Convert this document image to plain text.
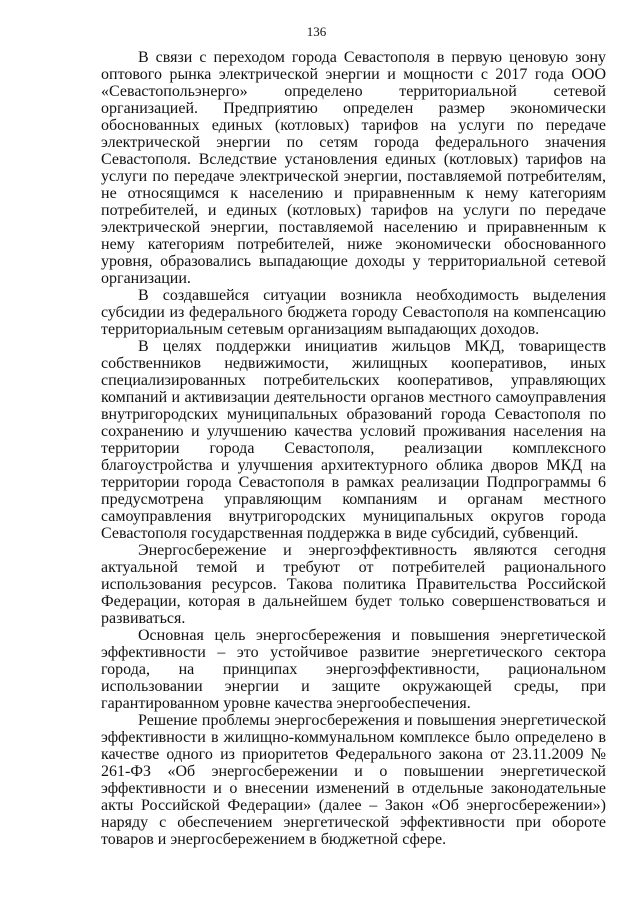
136

В связи с переходом города Севастополя в первую ценовую зону оптового рынка электрической энергии и мощности с 2017 года ООО «Севастопольэнерго» определено территориальной сетевой организацией. Предприятию определен размер экономически обоснованных единых (котловых) тарифов на услуги по передаче электрической энергии по сетям города федерального значения Севастополя. Вследствие установления единых (котловых) тарифов на услуги по передаче электрической энергии, поставляемой потребителям, не относящимся к населению и приравненным к нему категориям потребителей, и единых (котловых) тарифов на услуги по передаче электрической энергии, поставляемой населению и приравненным к нему категориям потребителей, ниже экономически обоснованного уровня, образовались выпадающие доходы у территориальной сетевой организации.

В создавшейся ситуации возникла необходимость выделения субсидии из федерального бюджета городу Севастополя на компенсацию территориальным сетевым организациям выпадающих доходов.

В целях поддержки инициатив жильцов МКД, товариществ собственников недвижимости, жилищных кооперативов, иных специализированных потребительских кооперативов, управляющих компаний и активизации деятельности органов местного самоуправления внутригородских муниципальных образований города Севастополя по сохранению и улучшению качества условий проживания населения на территории города Севастополя, реализации комплексного благоустройства и улучшения архитектурного облика дворов МКД на территории города Севастополя в рамках реализации Подпрограммы 6 предусмотрена управляющим компаниям и органам местного самоуправления внутригородских муниципальных округов города Севастополя государственная поддержка в виде субсидий, субвенций.

Энергосбережение и энергоэффективность являются сегодня актуальной темой и требуют от потребителей рационального использования ресурсов. Такова политика Правительства Российской Федерации, которая в дальнейшем будет только совершенствоваться и развиваться.

Основная цель энергосбережения и повышения энергетической эффективности – это устойчивое развитие энергетического сектора города, на принципах энергоэффективности, рациональном использовании энергии и защите окружающей среды, при гарантированном уровне качества энергообеспечения.

Решение проблемы энергосбережения и повышения энергетической эффективности в жилищно-коммунальном комплексе было определено в качестве одного из приоритетов Федерального закона от 23.11.2009 № 261-ФЗ «Об энергосбережении и о повышении энергетической эффективности и о внесении изменений в отдельные законодательные акты Российской Федерации» (далее – Закон «Об энергосбережении») наряду с обеспечением энергетической эффективности при обороте товаров и энергосбережением в бюджетной сфере.
